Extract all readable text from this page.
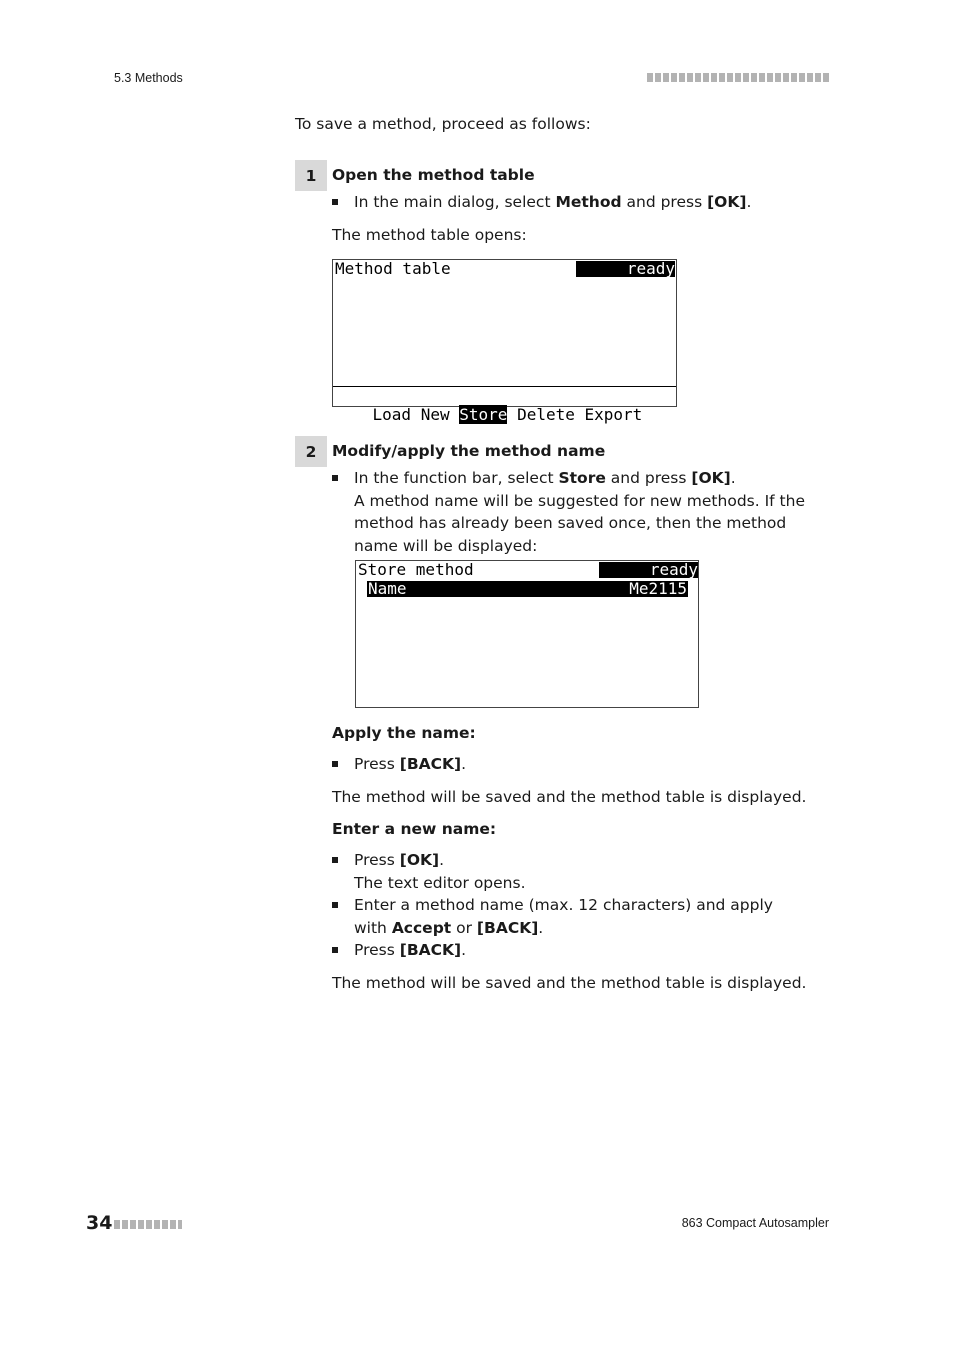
5.3 Methods
To save a method, proceed as follows:
1	Open the method table
In the main dialog, select Method and press [OK].
The method table opens:
Method table	ready

Load New Store Delete Export

2	Modify/apply the method name
In the function bar, select Store and press [OK].
A method name will be suggested for new methods. If the method has already been saved once, then the method name will be displayed:
Store method	ready
Name	Me2115
Apply the name:
Press [BACK].
The method will be saved and the method table is displayed.
Enter a new name:
Press [OK].
The text editor opens.
Enter a method name (max. 12 characters) and apply with Accept or [BACK].
Press [BACK].
The method will be saved and the method table is displayed.
34	863 Compact Autosampler
